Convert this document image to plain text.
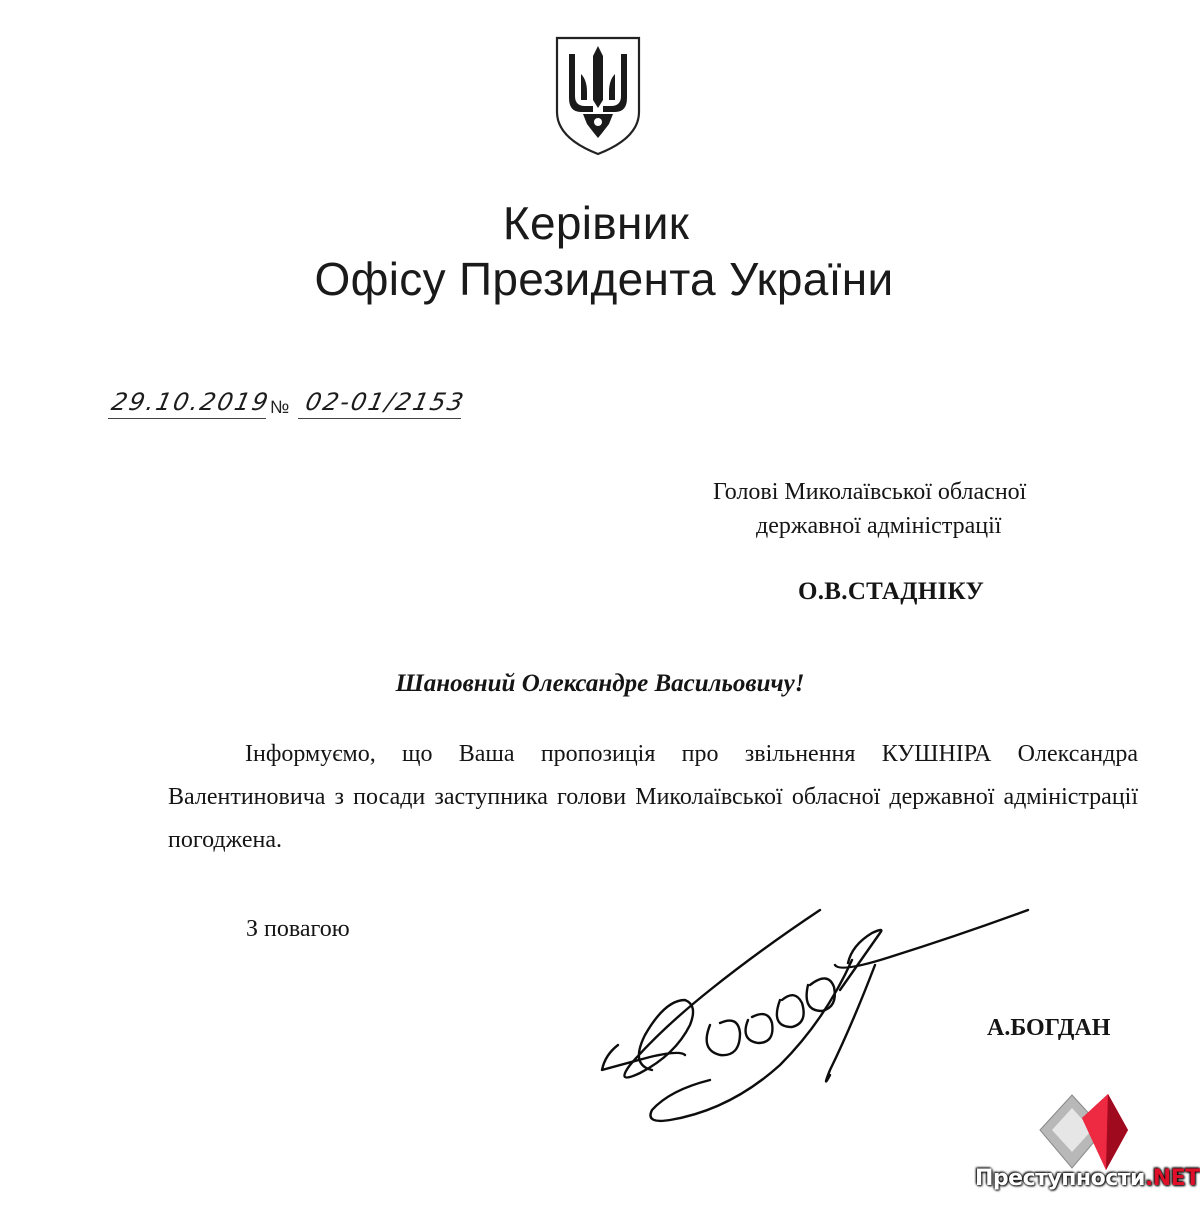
Керівник
Офісу Президента України
29.10.2019
№ 02-01/2153
Голові Миколаївської обласної
державної адміністрації
О.В.СТАДНІКУ
Шановний Олександре Васильовичу!
Інформуємо, що Ваша пропозиція про звільнення КУШНІРА Олександра Валентиновича з посади заступника голови Миколаївської обласної державної адміністрації погоджена.
З повагою
А.БОГДАН
Преступности.NET
